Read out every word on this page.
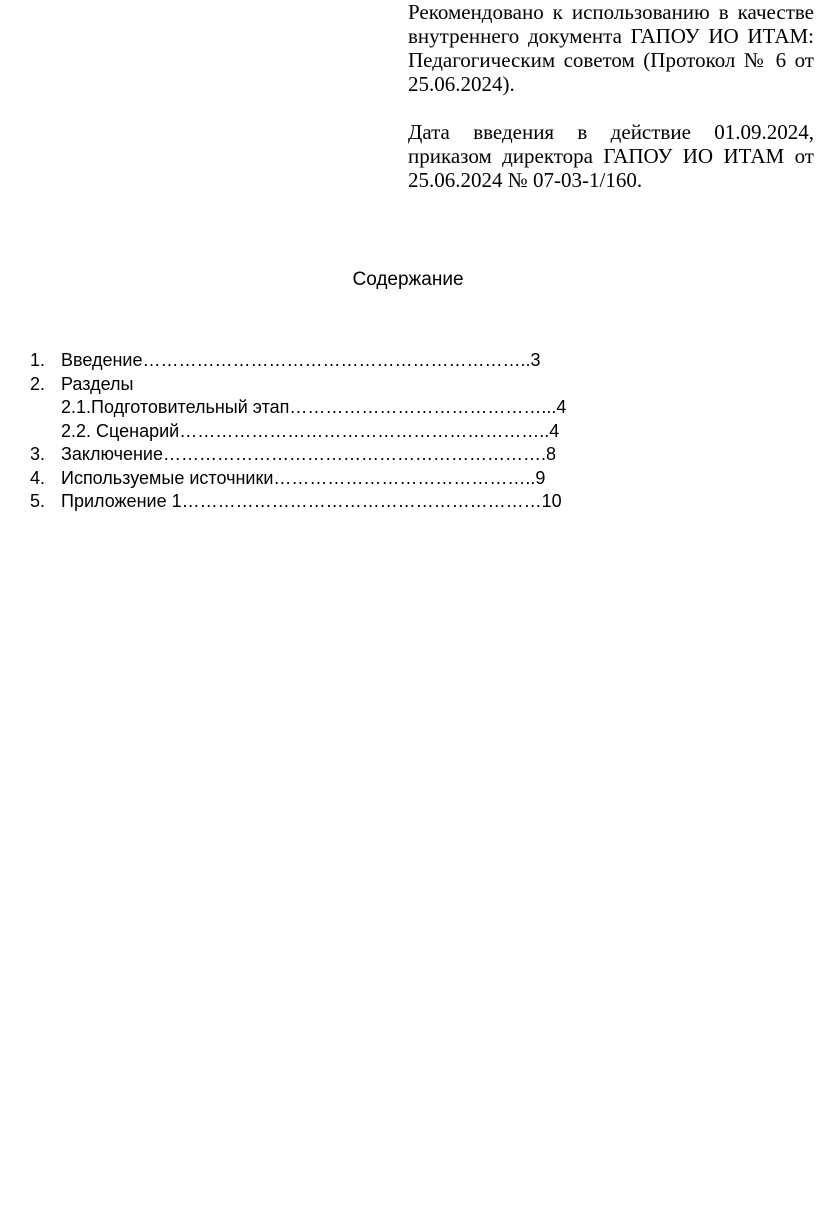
Рекомендовано к использованию в качестве внутреннего документа ГАПОУ ИО ИТАМ: Педагогическим советом (Протокол № 6 от 25.06.2024).

Дата введения в действие 01.09.2024, приказом директора ГАПОУ ИО ИТАМ от 25.06.2024 № 07-03-1/160.

Содержание
1. Введение………………………………………………………..3
2. Разделы
2.1.Подготовительный этап……………………………………...4
2.2. Сценарий……………………………………………………..4
3. Заключение……………………………………………………….8
4. Используемые источники……………………………………..9
5. Приложение 1……………………………………………………10
